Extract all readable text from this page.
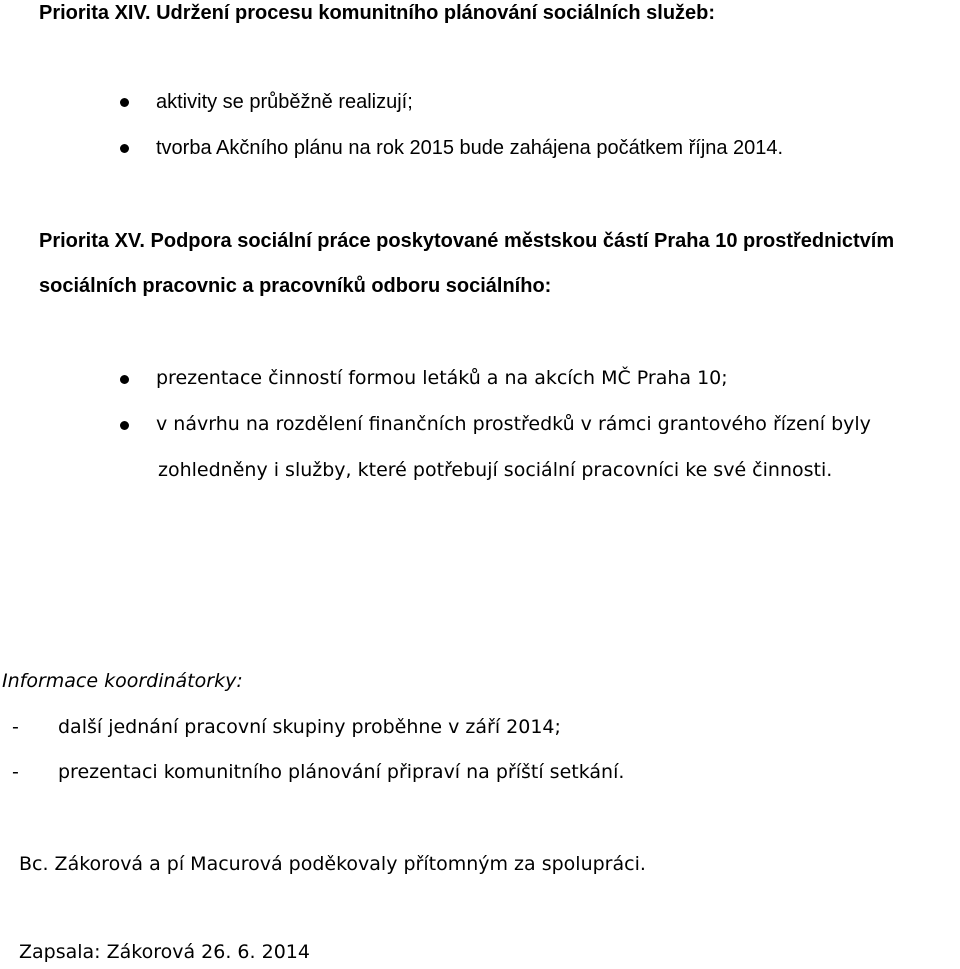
Priorita XIV. Udržení procesu komunitního plánování sociálních služeb:
aktivity se průběžně realizují;
tvorba Akčního plánu na rok 2015 bude zahájena počátkem října 2014.
Priorita XV. Podpora sociální práce poskytované městskou částí Praha 10 prostřednictvím
sociálních pracovnic a pracovníků odboru sociálního:
prezentace činností formou letáků a na akcích MČ Praha 10;
v návrhu na rozdělení finančních prostředků v rámci grantového řízení byly
zohledněny i služby, které potřebují sociální pracovníci ke své činnosti.
Informace koordinátorky:
- další jednání pracovní skupiny proběhne v září 2014;
- prezentaci komunitního plánování připraví na příští setkání.
Bc. Zákorová a pí Macurová poděkovaly přítomným za spolupráci.
Zapsala: Zákorová 26. 6. 2014
